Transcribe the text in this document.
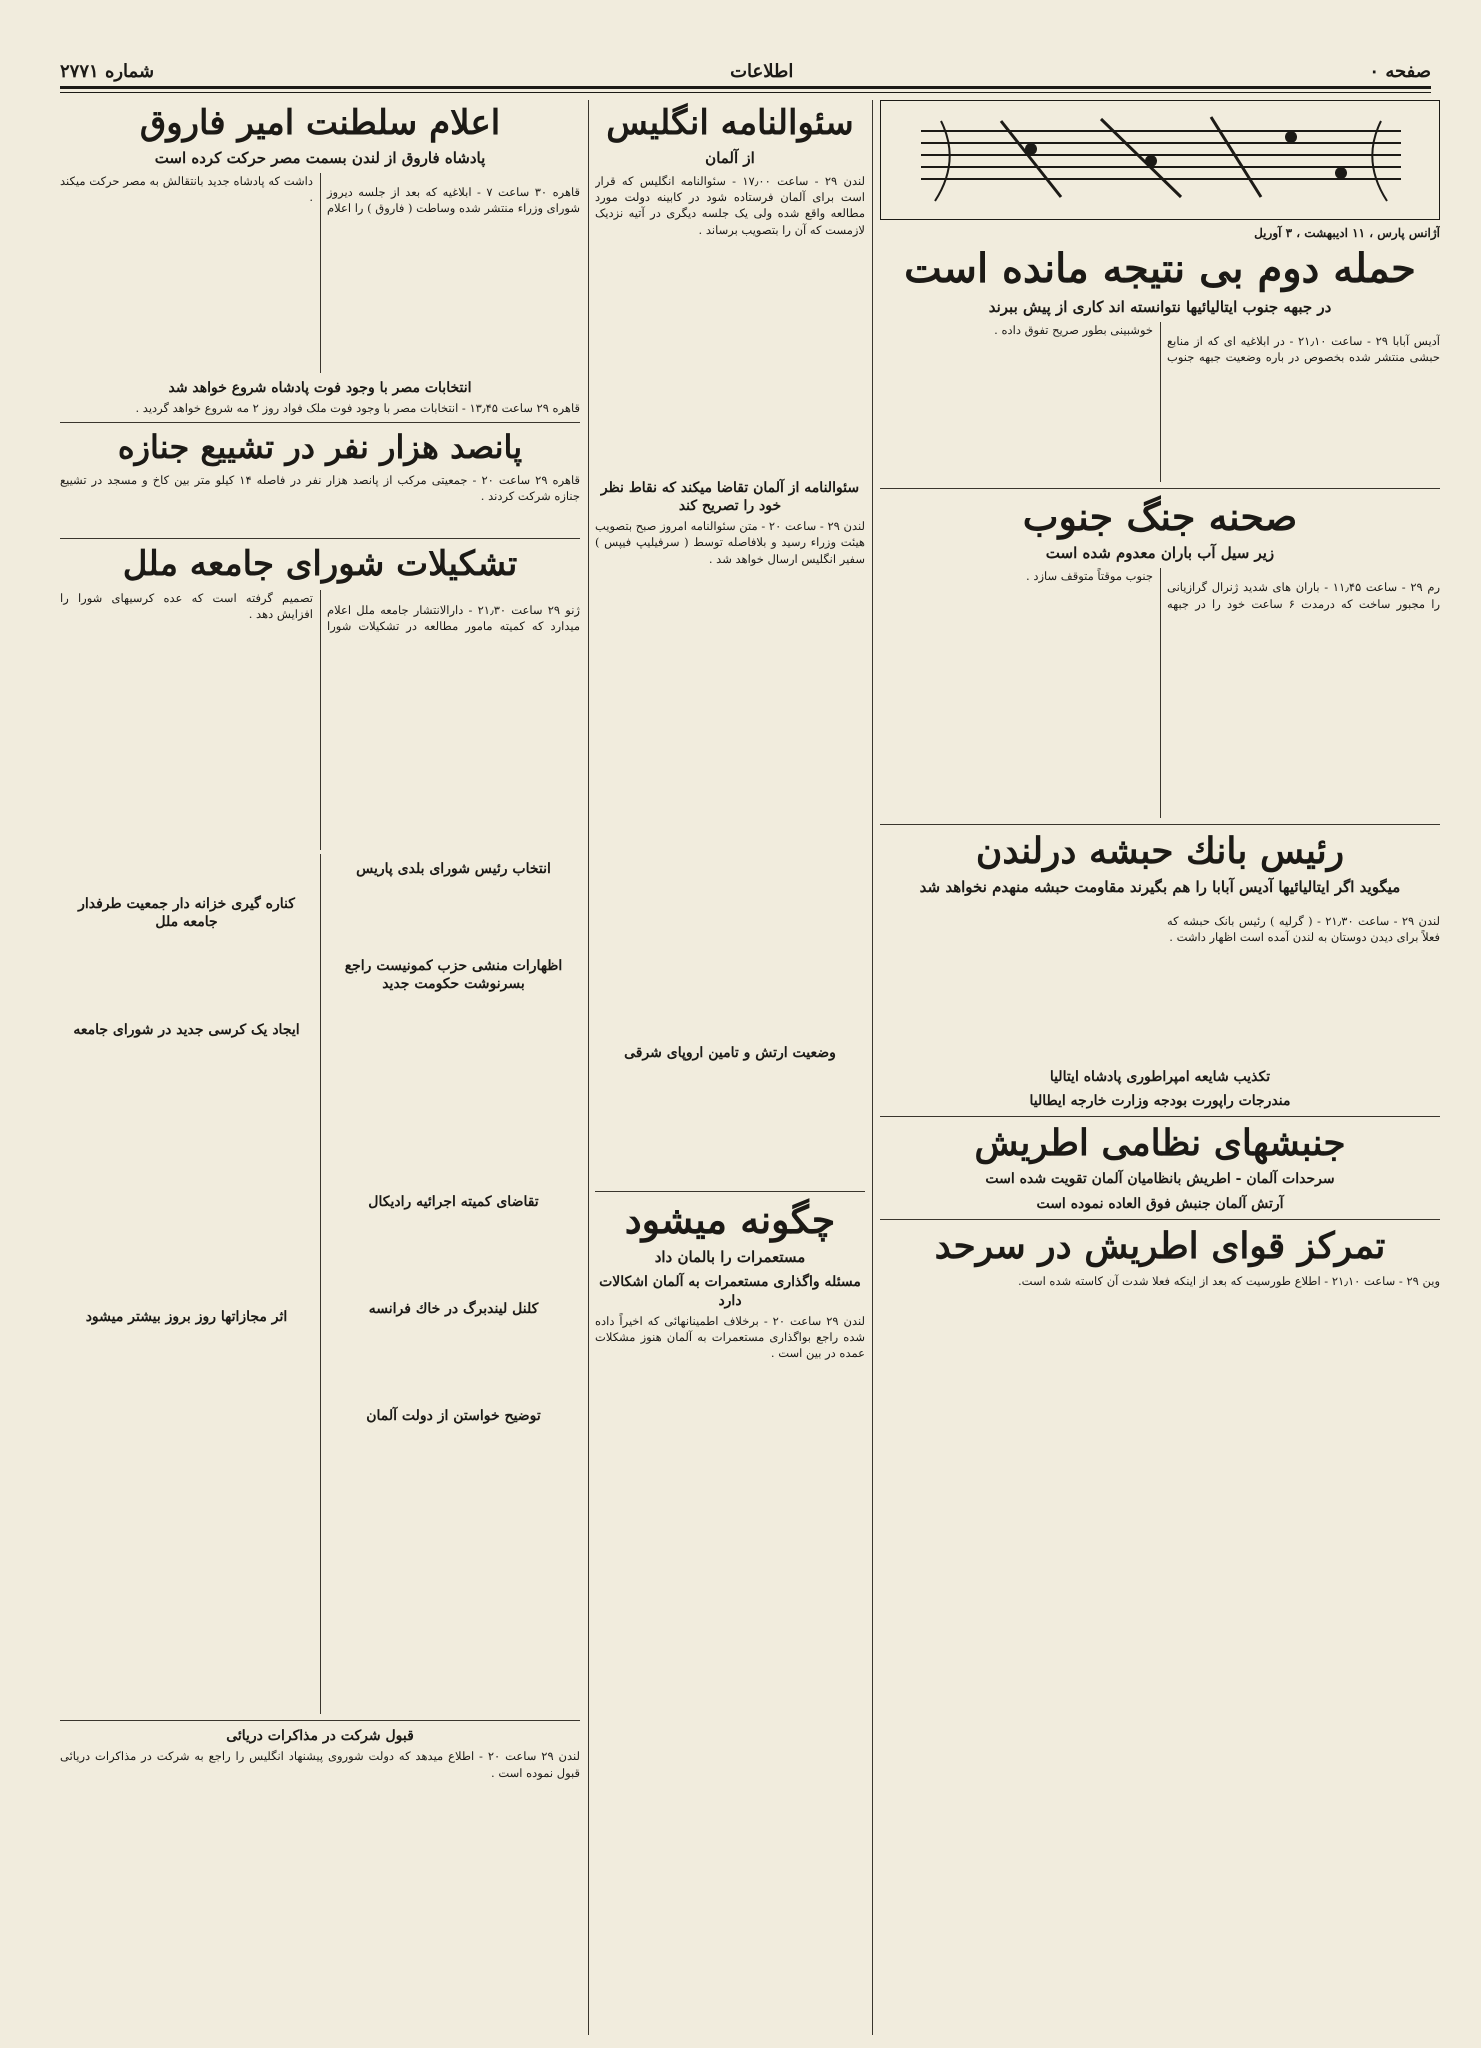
صفحه ۰
اطلاعات
شماره ۲۷۷۱
آژانس پارس ، ۱۱ ادیبهشت ، ۳ آوریل
حمله دوم بی نتیجه مانده است
در جبهه جنوب ایتالیائیها نتوانسته اند کاری از پیش ببرند

آدیس آبابا ۲۹ - ساعت ۲۱٫۱۰ - در ابلاغیه ای که از منابع حبشی منتشر شده بخصوص در باره وضعیت جبهه جنوب خوشبینی بطور صریح تفوق داده .

صحنه جنگ جنوب
زیر سیل آب باران معدوم شده است

رم ۲۹ - ساعت ۱۱٫۴۵ - باران های شدید ژنرال گرازیانی را مجبور ساخت که درمدت ۶ ساعت خود را در جبهه جنوب موقتاً متوقف سازد .

رئیس بانك حبشه درلندن
میگوید اگر ایتالیائیها آدیس آبابا را هم بگیرند مقاومت حبشه منهدم نخواهد شد

لندن ۲۹ - ساعت ۲۱٫۳۰ - ( گرلیه ) رئیس بانک حبشه که فعلاً برای دیدن دوستان به لندن آمده است اظهار داشت .

تکذیب شایعه امپراطوری پادشاه ایتالیا
مندرجات راپورت بودجه وزارت خارجه ایطالیا
جنبشهای نظامی اطریش
سرحدات آلمان - اطریش بانظامیان آلمان تقویت شده است
آرتش آلمان جنبش فوق العاده نموده است
تمرکز قوای اطریش در سرحد
وین ۲۹ - ساعت ۲۱٫۱۰ - اطلاع طورسیت که بعد از اینکه فعلا شدت آن کاسته شده است.
سئوالنامه انگلیس
از آلمان
لندن ۲۹ - ساعت ۱۷٫۰۰ - سئوالنامه انگلیس که قرار است برای آلمان فرستاده شود در کابینه دولت مورد مطالعه واقع شده ولی یک جلسه دیگری در آتیه نزدیک لازمست که آن را بتصویب برساند .
سئوالنامه از آلمان تقاضا میکند که نقاط نظر خود را تصریح کند
لندن ۲۹ - ساعت ۲۰ - متن سئوالنامه امروز صبح بتصویب هیئت وزراء رسید و بلافاصله توسط ( سرفیلیپ فیپس ) سفیر انگلیس ارسال خواهد شد .
وضعیت ارتش و تامین اروپای شرقی
چگونه میشود
مستعمرات را بالمان داد
مسئله واگذاری مستعمرات به آلمان اشکالات دارد
لندن ۲۹ ساعت ۲۰ - برخلاف اطمینانهائی که اخیراً داده شده راجع بواگذاری مستعمرات به آلمان هنوز مشکلات عمده در بین است .
اعلام سلطنت امیر فاروق
پادشاه فاروق از لندن بسمت مصر حرکت کرده است

قاهره ۳۰ ساعت ۷ - ابلاغیه که بعد از جلسه دیروز شورای وزراء منتشر شده وساطت ( فاروق ) را اعلام داشت که پادشاه جدید بانتقالش به مصر حرکت میکند .

انتخابات مصر با وجود فوت پادشاه شروع خواهد شد
قاهره ۲۹ ساعت ۱۳٫۴۵ - انتخابات مصر با وجود فوت ملک فواد روز ۲ مه شروع خواهد گردید .
پانصد هزار نفر در تشییع جنازه
قاهره ۲۹ ساعت ۲۰ - جمعیتی مرکب از پانصد هزار نفر در فاصله ۱۴ کیلو متر بین کاخ و مسجد در تشییع جنازه شرکت کردند .
تشکیلات شورای جامعه ملل

ژنو ۲۹ ساعت ۲۱٫۳۰ - دارالانتشار جامعه ملل اعلام میدارد که کمیته مامور مطالعه در تشکیلات شورا تصمیم گرفته است که عده کرسیهای شورا را افزایش دهد .

انتخاب رئیس شورای بلدی پاریس
اظهارات منشی حزب کمونیست راجع بسرنوشت حکومت جدید
تقاضای کمیته اجرائیه رادیکال
کلنل لیندبرگ در خاك فرانسه
توضیح خواستن از دولت آلمان
کناره گیری خزانه دار جمعیت طرفدار جامعه ملل
ایجاد یک کرسی جدید در شورای جامعه
اثر مجازاتها روز بروز بیشتر میشود
قبول شرکت در مذاکرات دریائی
لندن ۲۹ ساعت ۲۰ - اطلاع میدهد که دولت شوروی پیشنهاد انگلیس را راجع به شرکت در مذاکرات دریائی قبول نموده است .
